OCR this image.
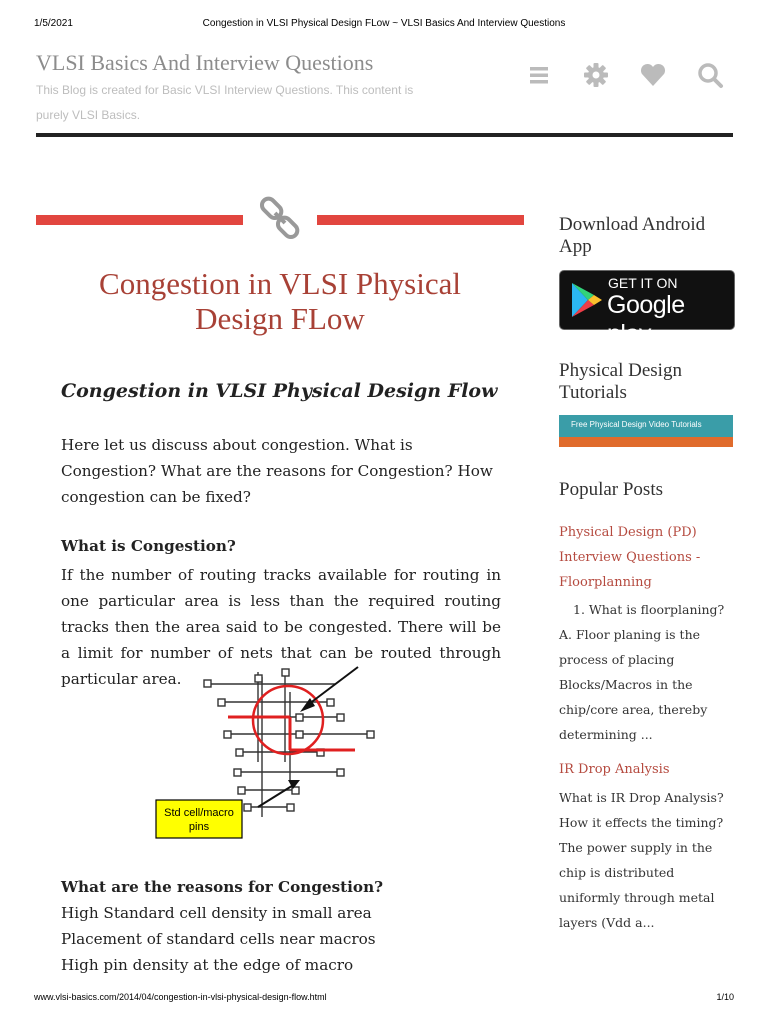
1/5/2021	Congestion in VLSI Physical Design FLow ~ VLSI Basics And Interview Questions
VLSI Basics And Interview Questions
This Blog is created for Basic VLSI Interview Questions. This content is purely VLSI Basics.
Congestion in VLSI Physical Design FLow
Congestion in VLSI Physical Design Flow
Here let us discuss about congestion. What is Congestion? What are the reasons for Congestion? How congestion can be fixed?
What is Congestion?
If the number of routing tracks available for routing in one particular area is less than the required routing tracks then the area said to be congested. There will be a limit for number of nets that can be routed through particular area.
Std cell/macro
pins
What are the reasons for Congestion?
High Standard cell density in small area
Placement of standard cells near macros
High pin density at the edge of macro
Download Android App
GET IT ON
Google play
Physical Design Tutorials
Free Physical Design Video Tutorials
Popular Posts
Physical Design (PD) Interview Questions - Floorplanning
1. What is floorplaning?
A. Floor planing is the process of placing Blocks/Macros in the chip/core area, thereby determining ...
IR Drop Analysis
What is IR Drop Analysis? How it effects the timing? The power supply in the chip is distributed uniformly through metal layers (Vdd a...
www.vlsi-basics.com/2014/04/congestion-in-vlsi-physical-design-flow.html	1/10
